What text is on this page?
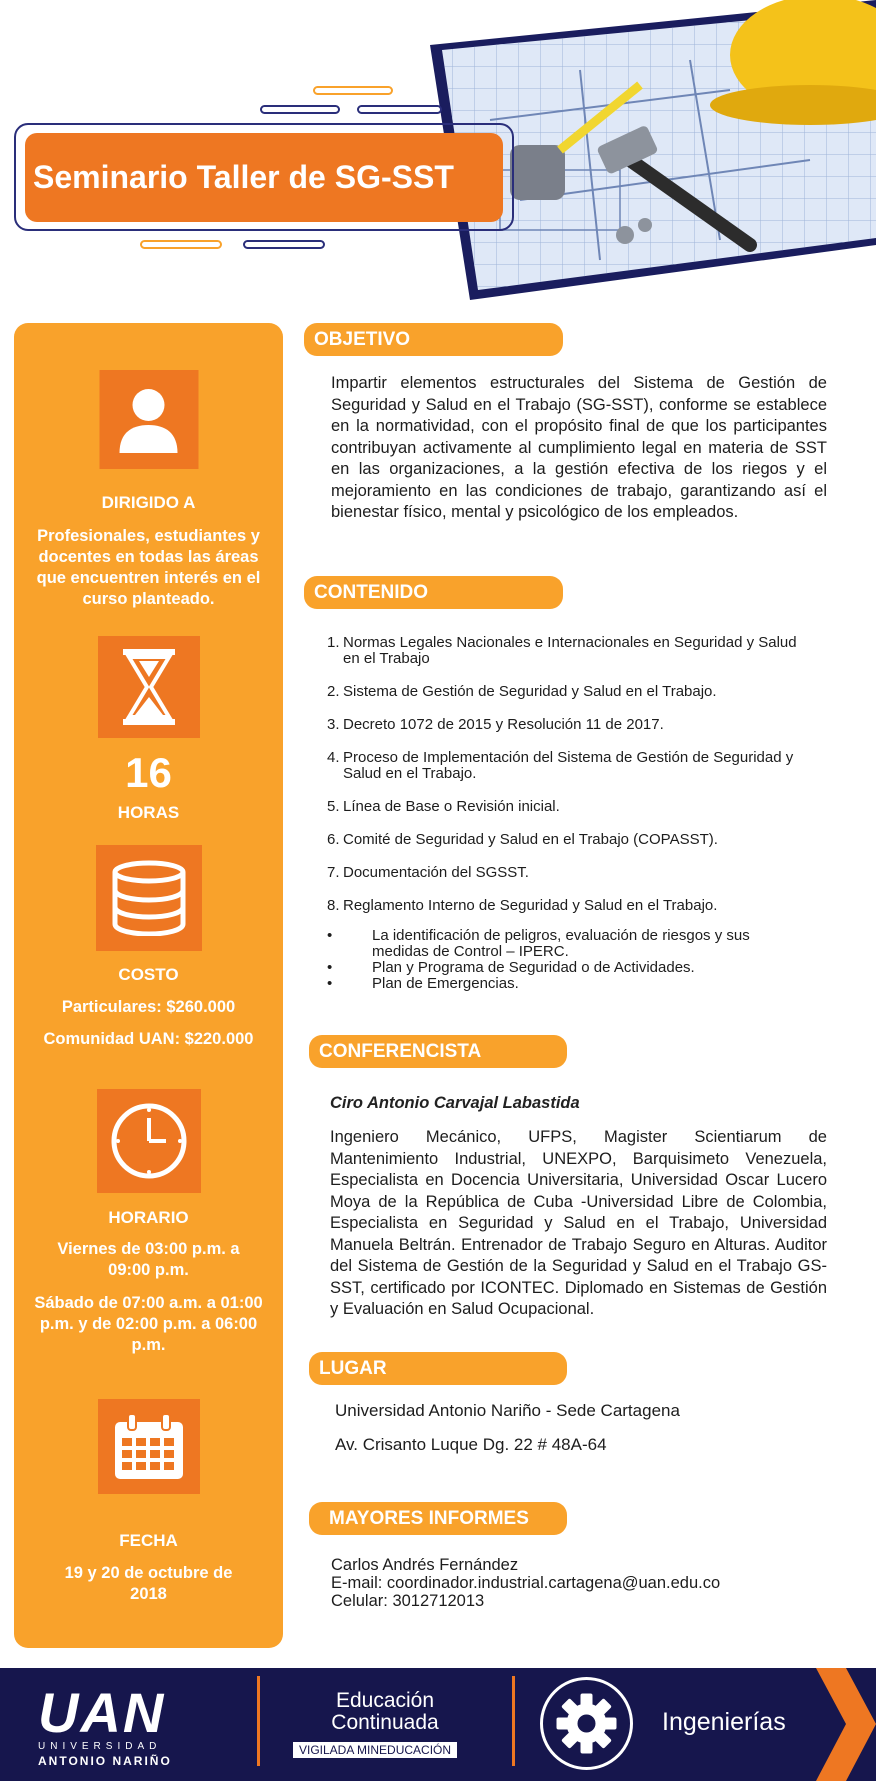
Seminario Taller de SG-SST
DIRIGIDO A
Profesionales, estudiantes y docentes en todas las áreas que encuentren interés en el curso planteado.
16
HORAS
COSTO
Particulares: $260.000
Comunidad UAN: $220.000
HORARIO
Viernes de 03:00 p.m. a 09:00 p.m.
Sábado de 07:00 a.m. a 01:00 p.m. y de 02:00 p.m. a 06:00 p.m.
FECHA
19 y 20 de octubre de 2018
OBJETIVO
Impartir elementos estructurales del Sistema de Gestión de Seguridad y Salud en el Trabajo (SG-SST), conforme se establece en la normatividad, con el propósito final de que los participantes contribuyan activamente al cumplimiento legal en materia de SST en las organizaciones, a la gestión efectiva de los riegos y el mejoramiento en las condiciones de trabajo, garantizando así el bienestar físico, mental y psicológico de los empleados.
CONTENIDO
1. Normas Legales Nacionales e Internacionales en Seguridad y Salud en el Trabajo
2. Sistema de Gestión de Seguridad y Salud en el Trabajo.
3. Decreto 1072 de 2015 y Resolución 11 de 2017.
4. Proceso de Implementación del Sistema de Gestión de Seguridad y Salud en el Trabajo.
5. Línea de Base o Revisión inicial.
6. Comité de Seguridad y Salud en el Trabajo (COPASST).
7. Documentación del SGSST.
8. Reglamento Interno de Seguridad y Salud en el Trabajo.
•	La identificación de peligros, evaluación de riesgos y sus medidas de Control – IPERC.
•	Plan y Programa de Seguridad o de Actividades.
•	Plan de Emergencias.
CONFERENCISTA
Ciro Antonio Carvajal Labastida
Ingeniero Mecánico, UFPS, Magister Scientiarum de Mantenimiento Industrial, UNEXPO, Barquisimeto Venezuela, Especialista en Docencia Universitaria, Universidad Oscar Lucero Moya de la República de Cuba -Universidad Libre de Colombia, Especialista en Seguridad y Salud en el Trabajo, Universidad Manuela Beltrán. Entrenador de Trabajo Seguro en Alturas. Auditor del Sistema de Gestión de la Seguridad y Salud en el Trabajo GS-SST, certificado por ICONTEC. Diplomado en Sistemas de Gestión y Evaluación en Salud Ocupacional.
LUGAR
Universidad Antonio Nariño - Sede Cartagena
Av. Crisanto Luque Dg. 22 # 48A-64
MAYORES INFORMES
Carlos Andrés Fernández
E-mail: coordinador.industrial.cartagena@uan.edu.co
Celular: 3012712013
UAN
UNIVERSIDAD
ANTONIO NARIÑO
Educación
Continuada
VIGILADA MINEDUCACIÓN
Ingenierías
